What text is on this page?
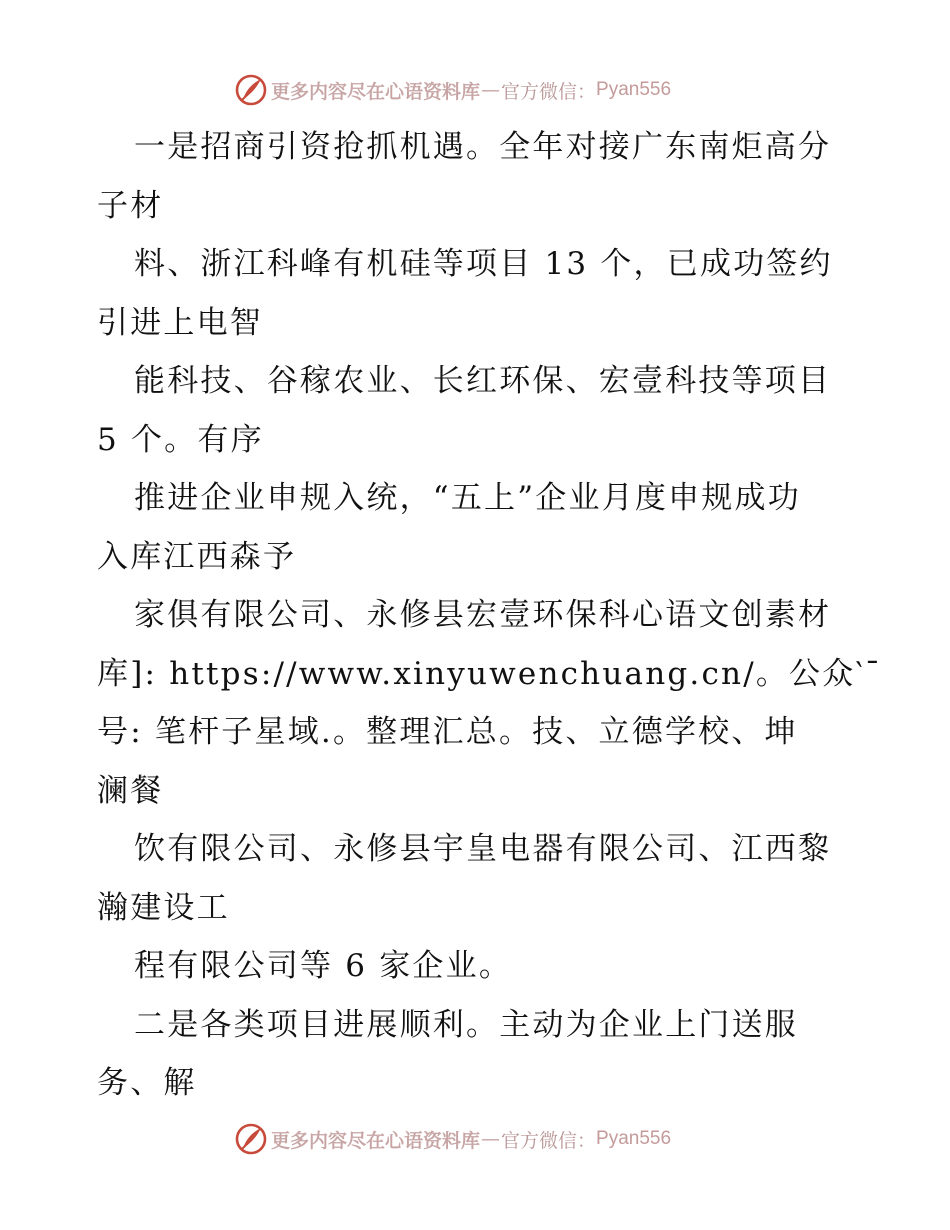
更多内容尽在心语资料库 — 官方微信： Pyan556
一是招商引资抢抓机遇。全年对接广东南炬高分
子材
料、浙江科峰有机硅等项目 13 个，已成功签约
引进上电智
能科技、谷稼农业、长红环保、宏壹科技等项目
5 个。有序
推进企业申规入统，“五上”企业月度申规成功
入库江西森予
家俱有限公司、永修县宏壹环保科心语文创素材
库]: https://www.xinyuwenchuang.cn/。公众‵¯
号: 笔杆子星域.。整理汇总。技、立德学校、坤
澜餐
饮有限公司、永修县宇皇电器有限公司、江西黎
瀚建设工
程有限公司等 6 家企业。
二是各类项目进展顺利。主动为企业上门送服
务、解
更多内容尽在心语资料库 — 官方微信： Pyan556
